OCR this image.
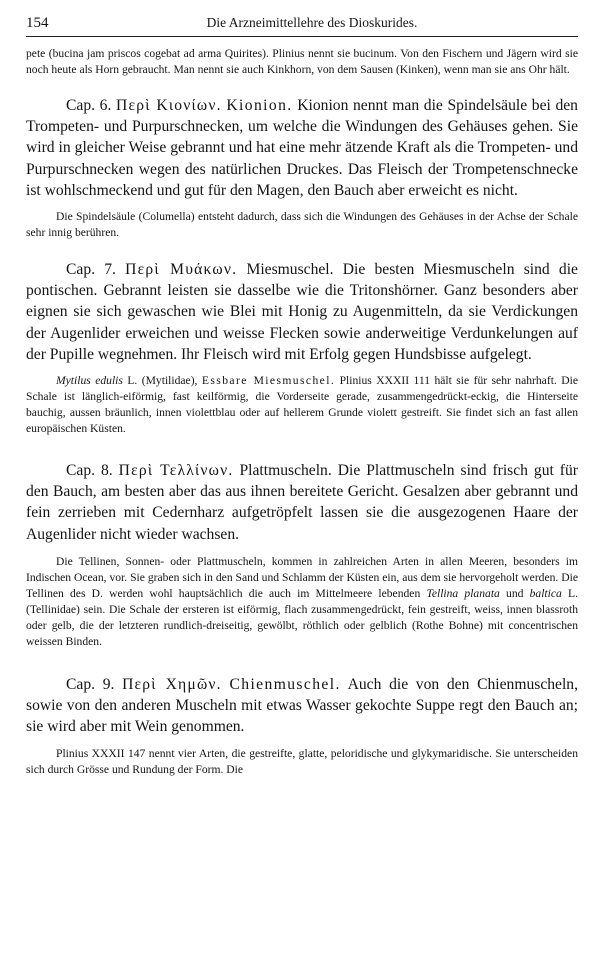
154	Die Arzneimittellehre des Dioskurides.

pete (bucina jam priscos cogebat ad arma Quirites). Plinius nennt sie bucinum. Von den Fischern und Jägern wird sie noch heute als Horn gebraucht. Man nennt sie auch Kinkhorn, von dem Sausen (Kinken), wenn man sie ans Ohr hält.

Cap. 6. Περὶ Κιονίων. Kionion. Kionion nennt man die Spindelsäule bei den Trompeten- und Purpurschnecken, um welche die Windungen des Gehäuses gehen. Sie wird in gleicher Weise gebrannt und hat eine mehr ätzende Kraft als die Trompeten- und Purpurschnecken wegen des natürlichen Druckes. Das Fleisch der Trompetenschnecke ist wohlschmeckend und gut für den Magen, den Bauch aber erweicht es nicht.

Die Spindelsäule (Columella) entsteht dadurch, dass sich die Windungen des Gehäuses in der Achse der Schale sehr innig berühren.

Cap. 7. Περὶ Μυάκων. Miesmuschel. Die besten Miesmuscheln sind die pontischen. Gebrannt leisten sie dasselbe wie die Tritonshörner. Ganz besonders aber eignen sie sich gewaschen wie Blei mit Honig zu Augenmitteln, da sie Verdickungen der Augenlider erweichen und weisse Flecken sowie anderweitige Verdunkelungen auf der Pupille wegnehmen. Ihr Fleisch wird mit Erfolg gegen Hundsbisse aufgelegt.

Mytilus edulis L. (Mytilidae), Essbare Miesmuschel. Plinius XXXII 111 hält sie für sehr nahrhaft. Die Schale ist länglich-eiförmig, fast keilförmig, die Vorderseite gerade, zusammengedrückt-eckig, die Hinterseite bauchig, aussen bräunlich, innen violettblau oder auf hellerem Grunde violett gestreift. Sie findet sich an fast allen europäischen Küsten.

Cap. 8. Περὶ Τελλίνων. Plattmuscheln. Die Plattmuscheln sind frisch gut für den Bauch, am besten aber das aus ihnen bereitete Gericht. Gesalzen aber gebrannt und fein zerrieben mit Cedernharz aufgetröpfelt lassen sie die ausgezogenen Haare der Augenlider nicht wieder wachsen.

Die Tellinen, Sonnen- oder Plattmuscheln, kommen in zahlreichen Arten in allen Meeren, besonders im Indischen Ocean, vor. Sie graben sich in den Sand und Schlamm der Küsten ein, aus dem sie hervorgeholt werden. Die Tellinen des D. werden wohl hauptsächlich die auch im Mittelmeere lebenden Tellina planata und baltica L. (Tellinidae) sein. Die Schale der ersteren ist eiförmig, flach zusammengedrückt, fein gestreift, weiss, innen blassroth oder gelb, die der letzteren rundlich-dreiseitig, gewölbt, röthlich oder gelblich (Rothe Bohne) mit concentrischen weissen Binden.

Cap. 9. Περὶ Χημῶν. Chienmuschel. Auch die von den Chienmuscheln, sowie von den anderen Muscheln mit etwas Wasser gekochte Suppe regt den Bauch an; sie wird aber mit Wein genommen.

Plinius XXXII 147 nennt vier Arten, die gestreifte, glatte, peloridische und glykymaridische. Sie unterscheiden sich durch Grösse und Rundung der Form. Die
